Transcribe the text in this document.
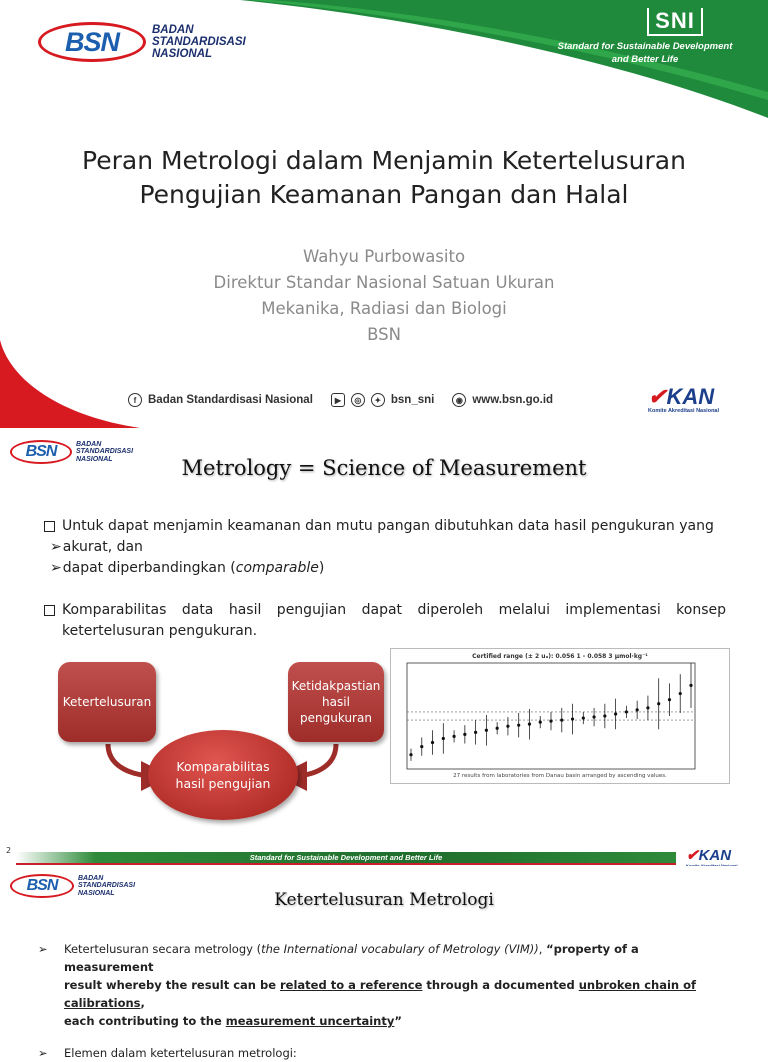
BSN	BADAN
STANDARDISASI
NASIONAL
SNI
Standard for Sustainable Development
and Better Life
Peran Metrologi dalam Menjamin Ketertelusuran
Pengujian Keamanan Pangan dan Halal
Wahyu Purbowasito
Direktur Standar Nasional Satuan Ukuran
Mekanika, Radiasi dan Biologi
BSN
f	Badan Standardisasi Nasional	▶	◎	✦ bsn_sni	◉ www.bsn.go.id	✔ KAN
Komite Akreditasi Nasional
BSN	BADAN
STANDARDISASI
NASIONAL	Metrology = Science of Measurement
Untuk dapat menjamin keamanan dan mutu pangan dibutuhkan data hasil pengukuran yang
➢ akurat, dan
➢ dapat diperbandingkan (comparable)
Komparabilitas data hasil pengujian dapat diperoleh melalui implementasi konsep
ketertelusuran pengukuran.
Ketertelusuran
Ketidakpastian
hasil
pengukuran
Komparabilitas
hasil pengujian
Certified range (± 2 uₐ): 0.056 1 - 0.058 3 µmol·kg⁻¹
27 results from laboratories from Danau basin arranged by ascending values.
2
Standard for Sustainable Development and Better Life	✔ KAN
BSN	BADAN
STANDARDISASI
NASIONAL	Ketertelusuran Metrologi
➢	Ketertelusuran secara metrology (the International vocabulary of Metrology (VIM)), “property of a measurement
result whereby the result can be related to a reference through a documented unbroken chain of calibrations,
each contributing to the measurement uncertainty”
➢	Elemen dalam ketertelusuran metrologi:
